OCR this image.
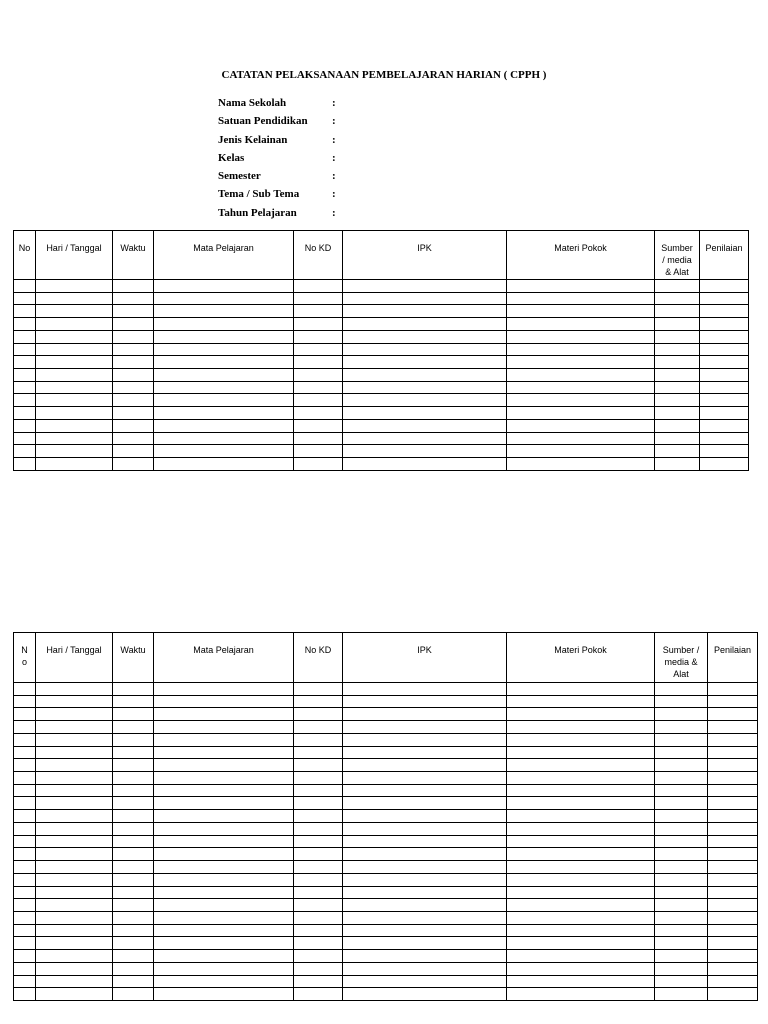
CATATAN PELAKSANAAN PEMBELAJARAN HARIAN ( CPPH )
Nama Sekolah	:
Satuan Pendidikan :
Jenis Kelainan	:
Kelas	:
Semester	:
Tema / Sub Tema	:
Tahun Pelajaran	:
No	Hari / Tanggal	Waktu	Mata Pelajaran	No KD	IPK	Materi Pokok	Sumber / media & Alat	Penilaian

No	Hari / Tanggal	Waktu	Mata Pelajaran	No KD	IPK	Materi Pokok	Sumber / media & Alat	Penilaian
